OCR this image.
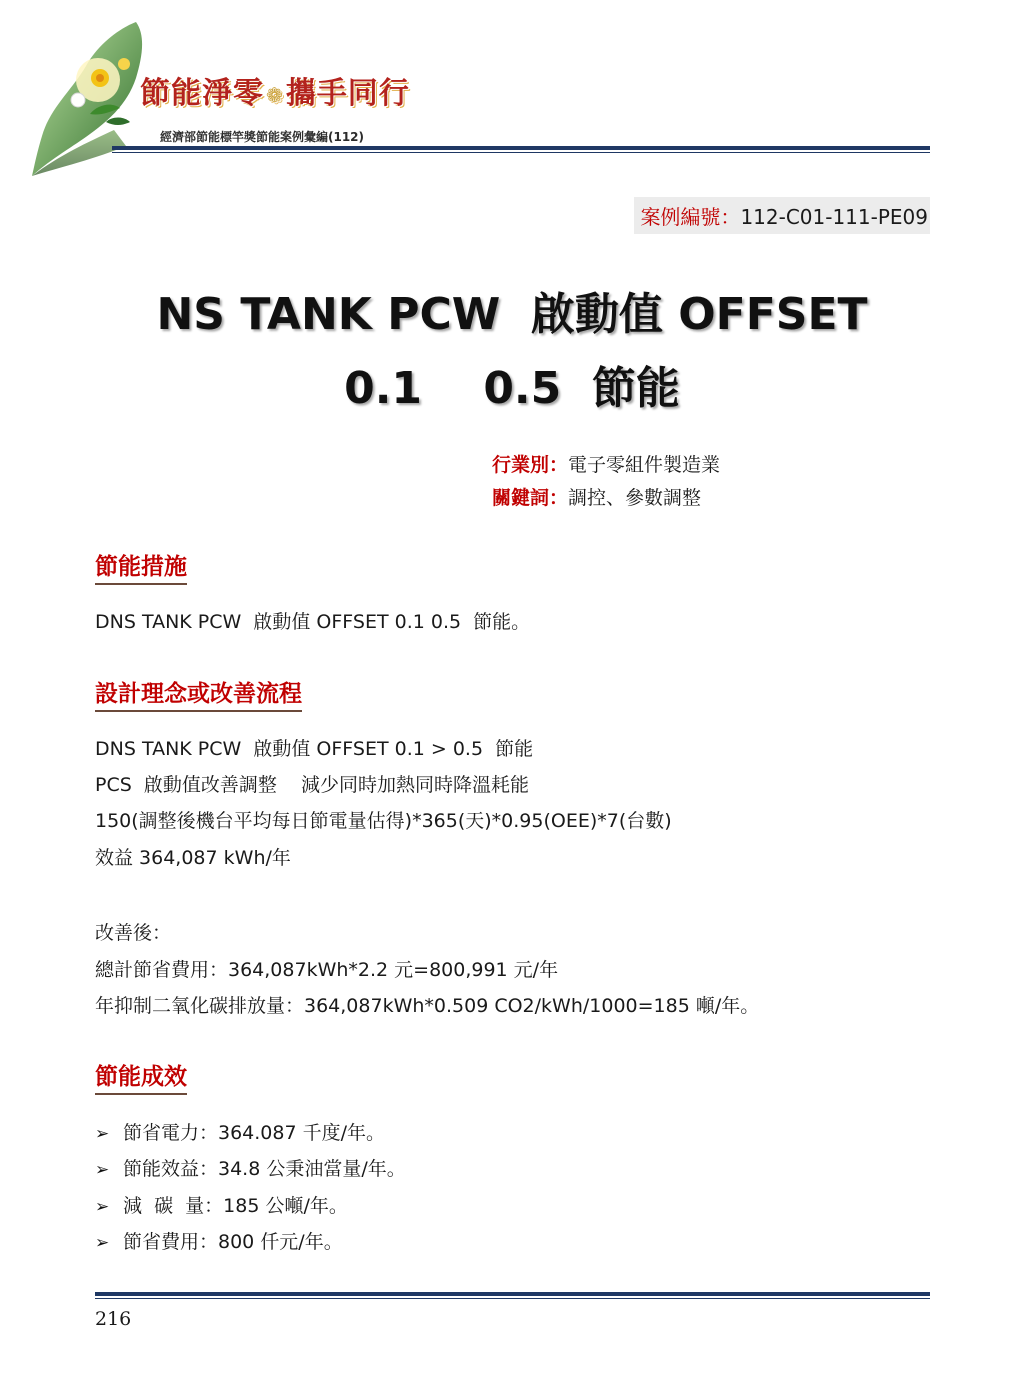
節能淨零 ❁攜手同行
經濟部節能標竿獎節能案例彙編(112)
案例編號：112-C01-111-PE09
NS TANK PCW  啟動值 OFFSET
0.1    0.5  節能
行業別：電子零組件製造業
關鍵詞：調控、參數調整
節能措施
DNS TANK PCW  啟動值 OFFSET 0.1 0.5  節能。
設計理念或改善流程
DNS TANK PCW  啟動值 OFFSET 0.1 > 0.5  節能
PCS  啟動值改善調整    減少同時加熱同時降溫耗能
150(調整後機台平均每日節電量估得)*365(天)*0.95(OEE)*7(台數)
效益 364,087 kWh/年
改善後：
總計節省費用：364,087kWh*2.2 元=800,991 元/年
年抑制二氧化碳排放量：364,087kWh*0.509 CO2/kWh/1000=185 噸/年。
節能成效
➢ 節省電力：364.087 千度/年。
➢ 節能效益：34.8 公秉油當量/年。
➢ 減  碳  量：185 公噸/年。
➢ 節省費用：800 仟元/年。
216
